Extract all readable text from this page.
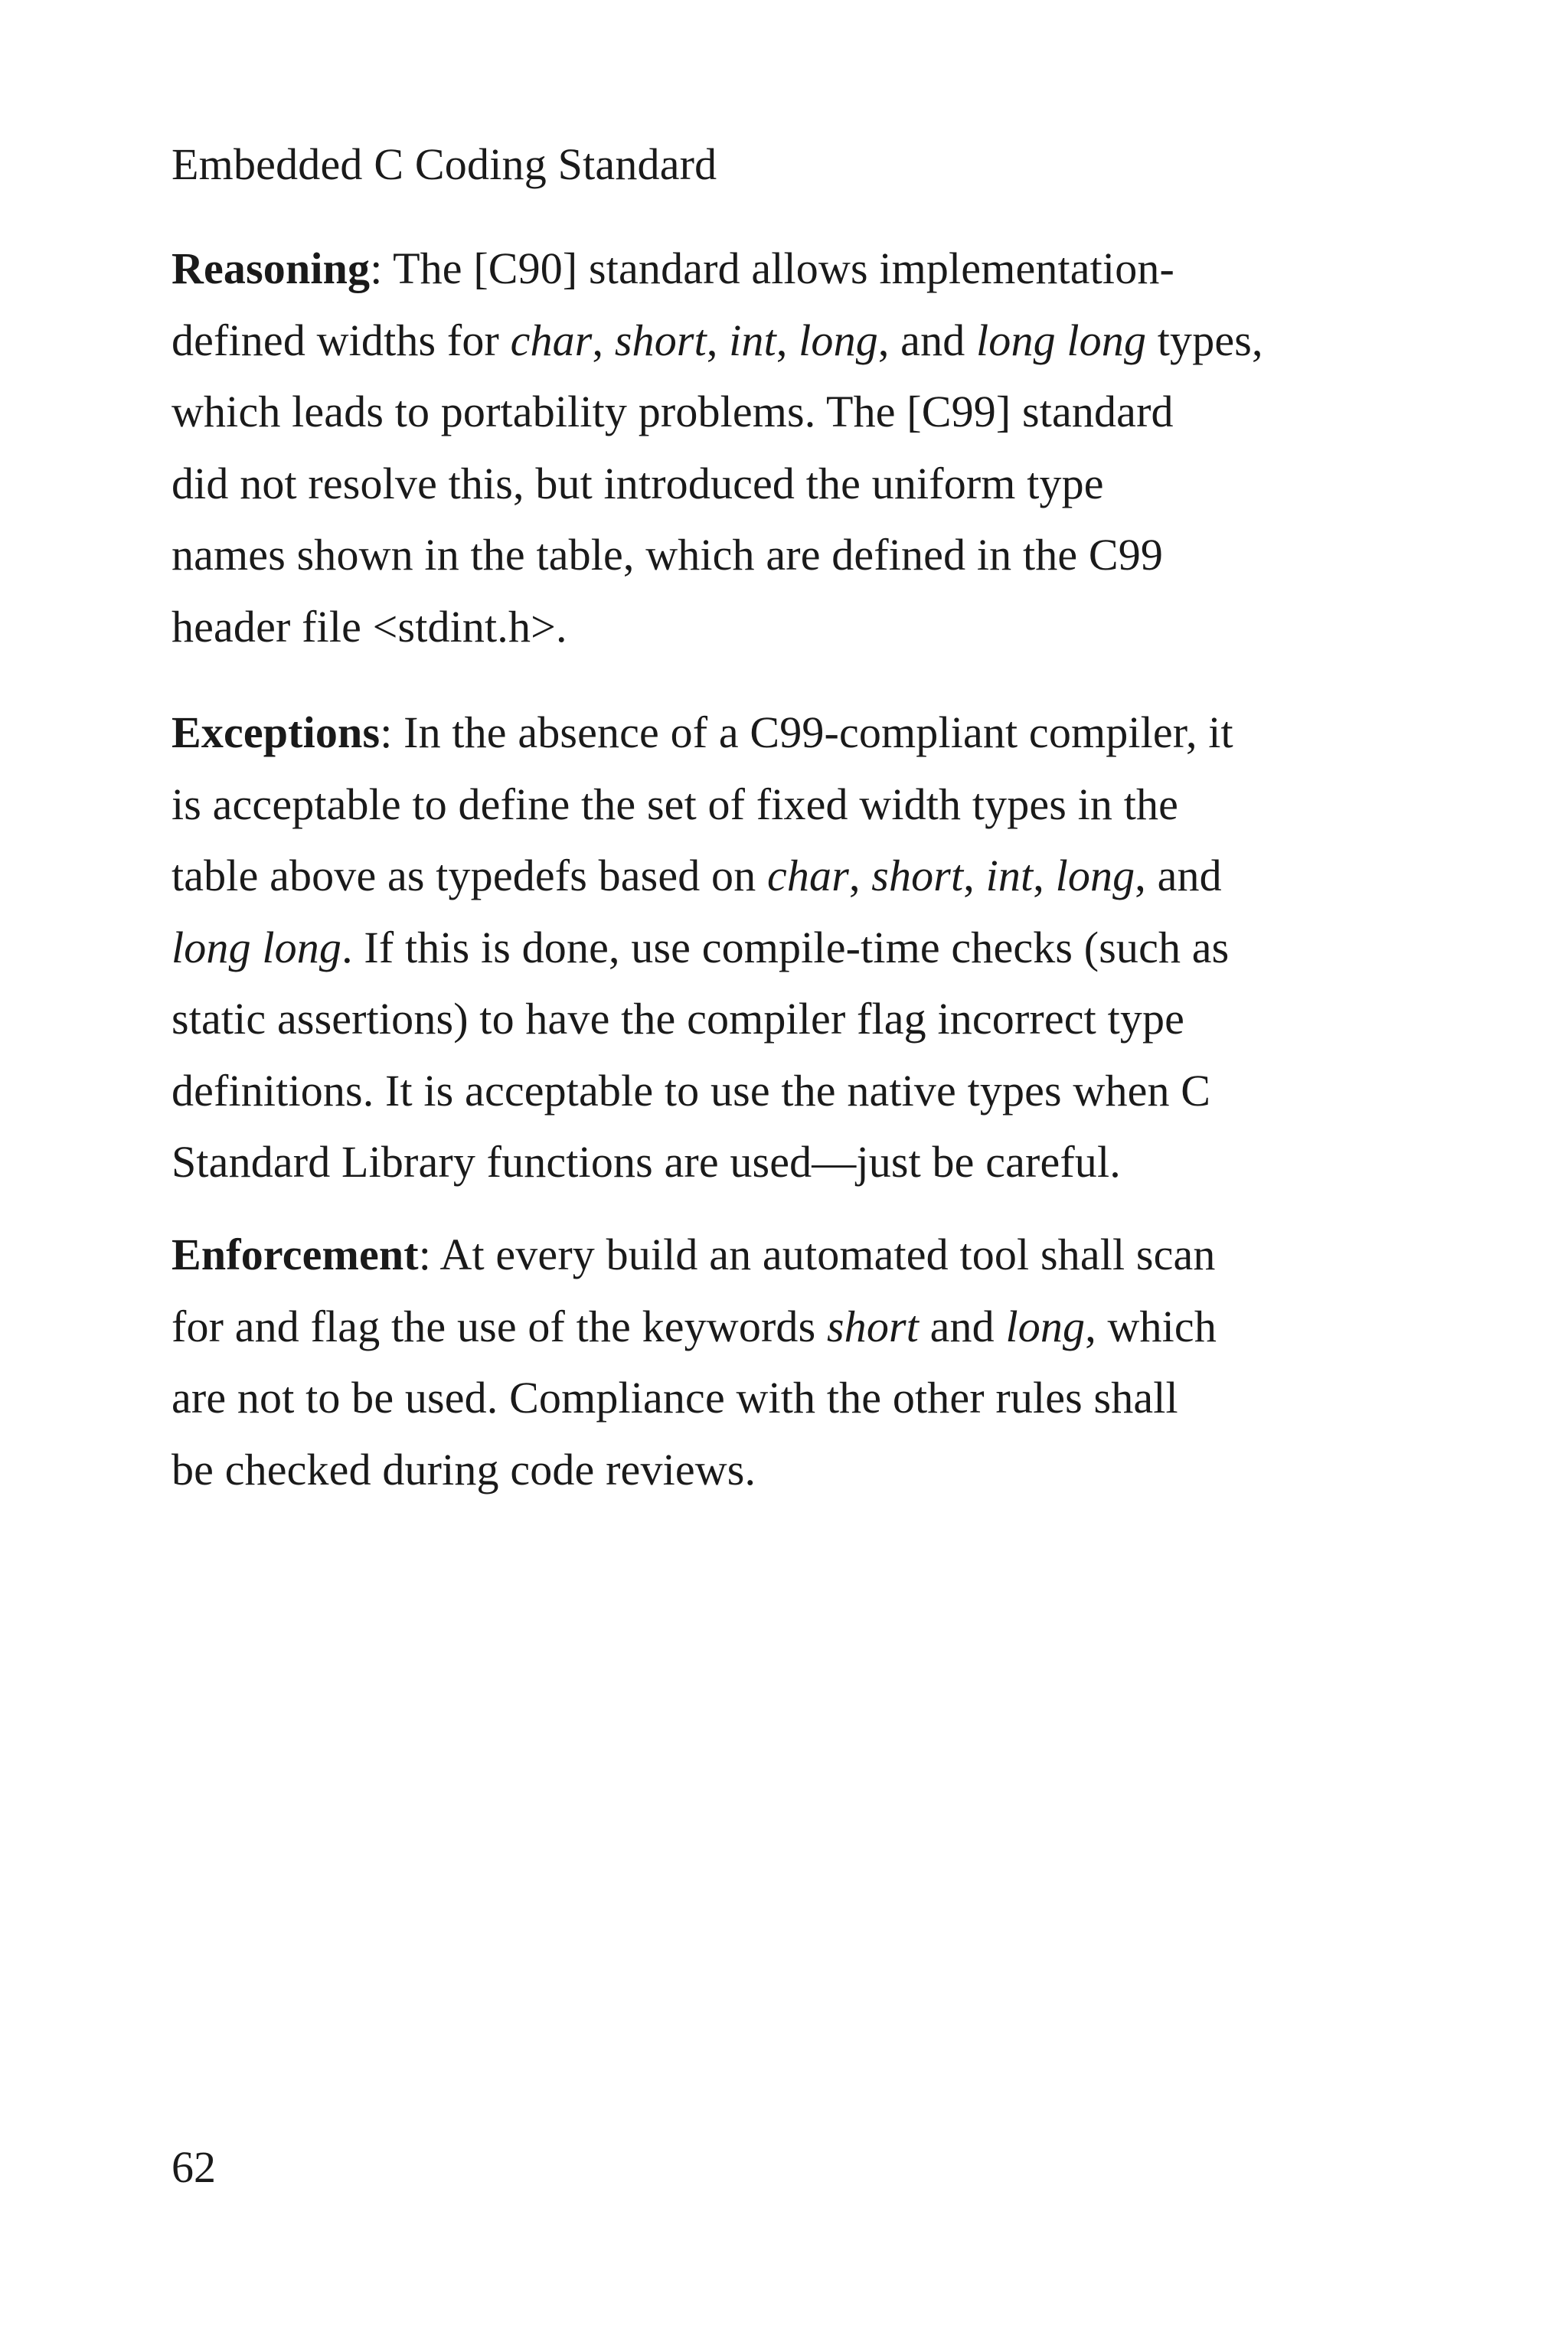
Embedded C Coding Standard
Reasoning: The [C90] standard allows implementation-
defined widths for char, short, int, long, and long long types,
which leads to portability problems. The [C99] standard
did not resolve this, but introduced the uniform type
names shown in the table, which are defined in the C99
header file <stdint.h>.
Exceptions: In the absence of a C99-compliant compiler, it
is acceptable to define the set of fixed width types in the
table above as typedefs based on char, short, int, long, and
long long. If this is done, use compile-time checks (such as
static assertions) to have the compiler flag incorrect type
definitions. It is acceptable to use the native types when C
Standard Library functions are used—just be careful.
Enforcement: At every build an automated tool shall scan
for and flag the use of the keywords short and long, which
are not to be used. Compliance with the other rules shall
be checked during code reviews.
62
